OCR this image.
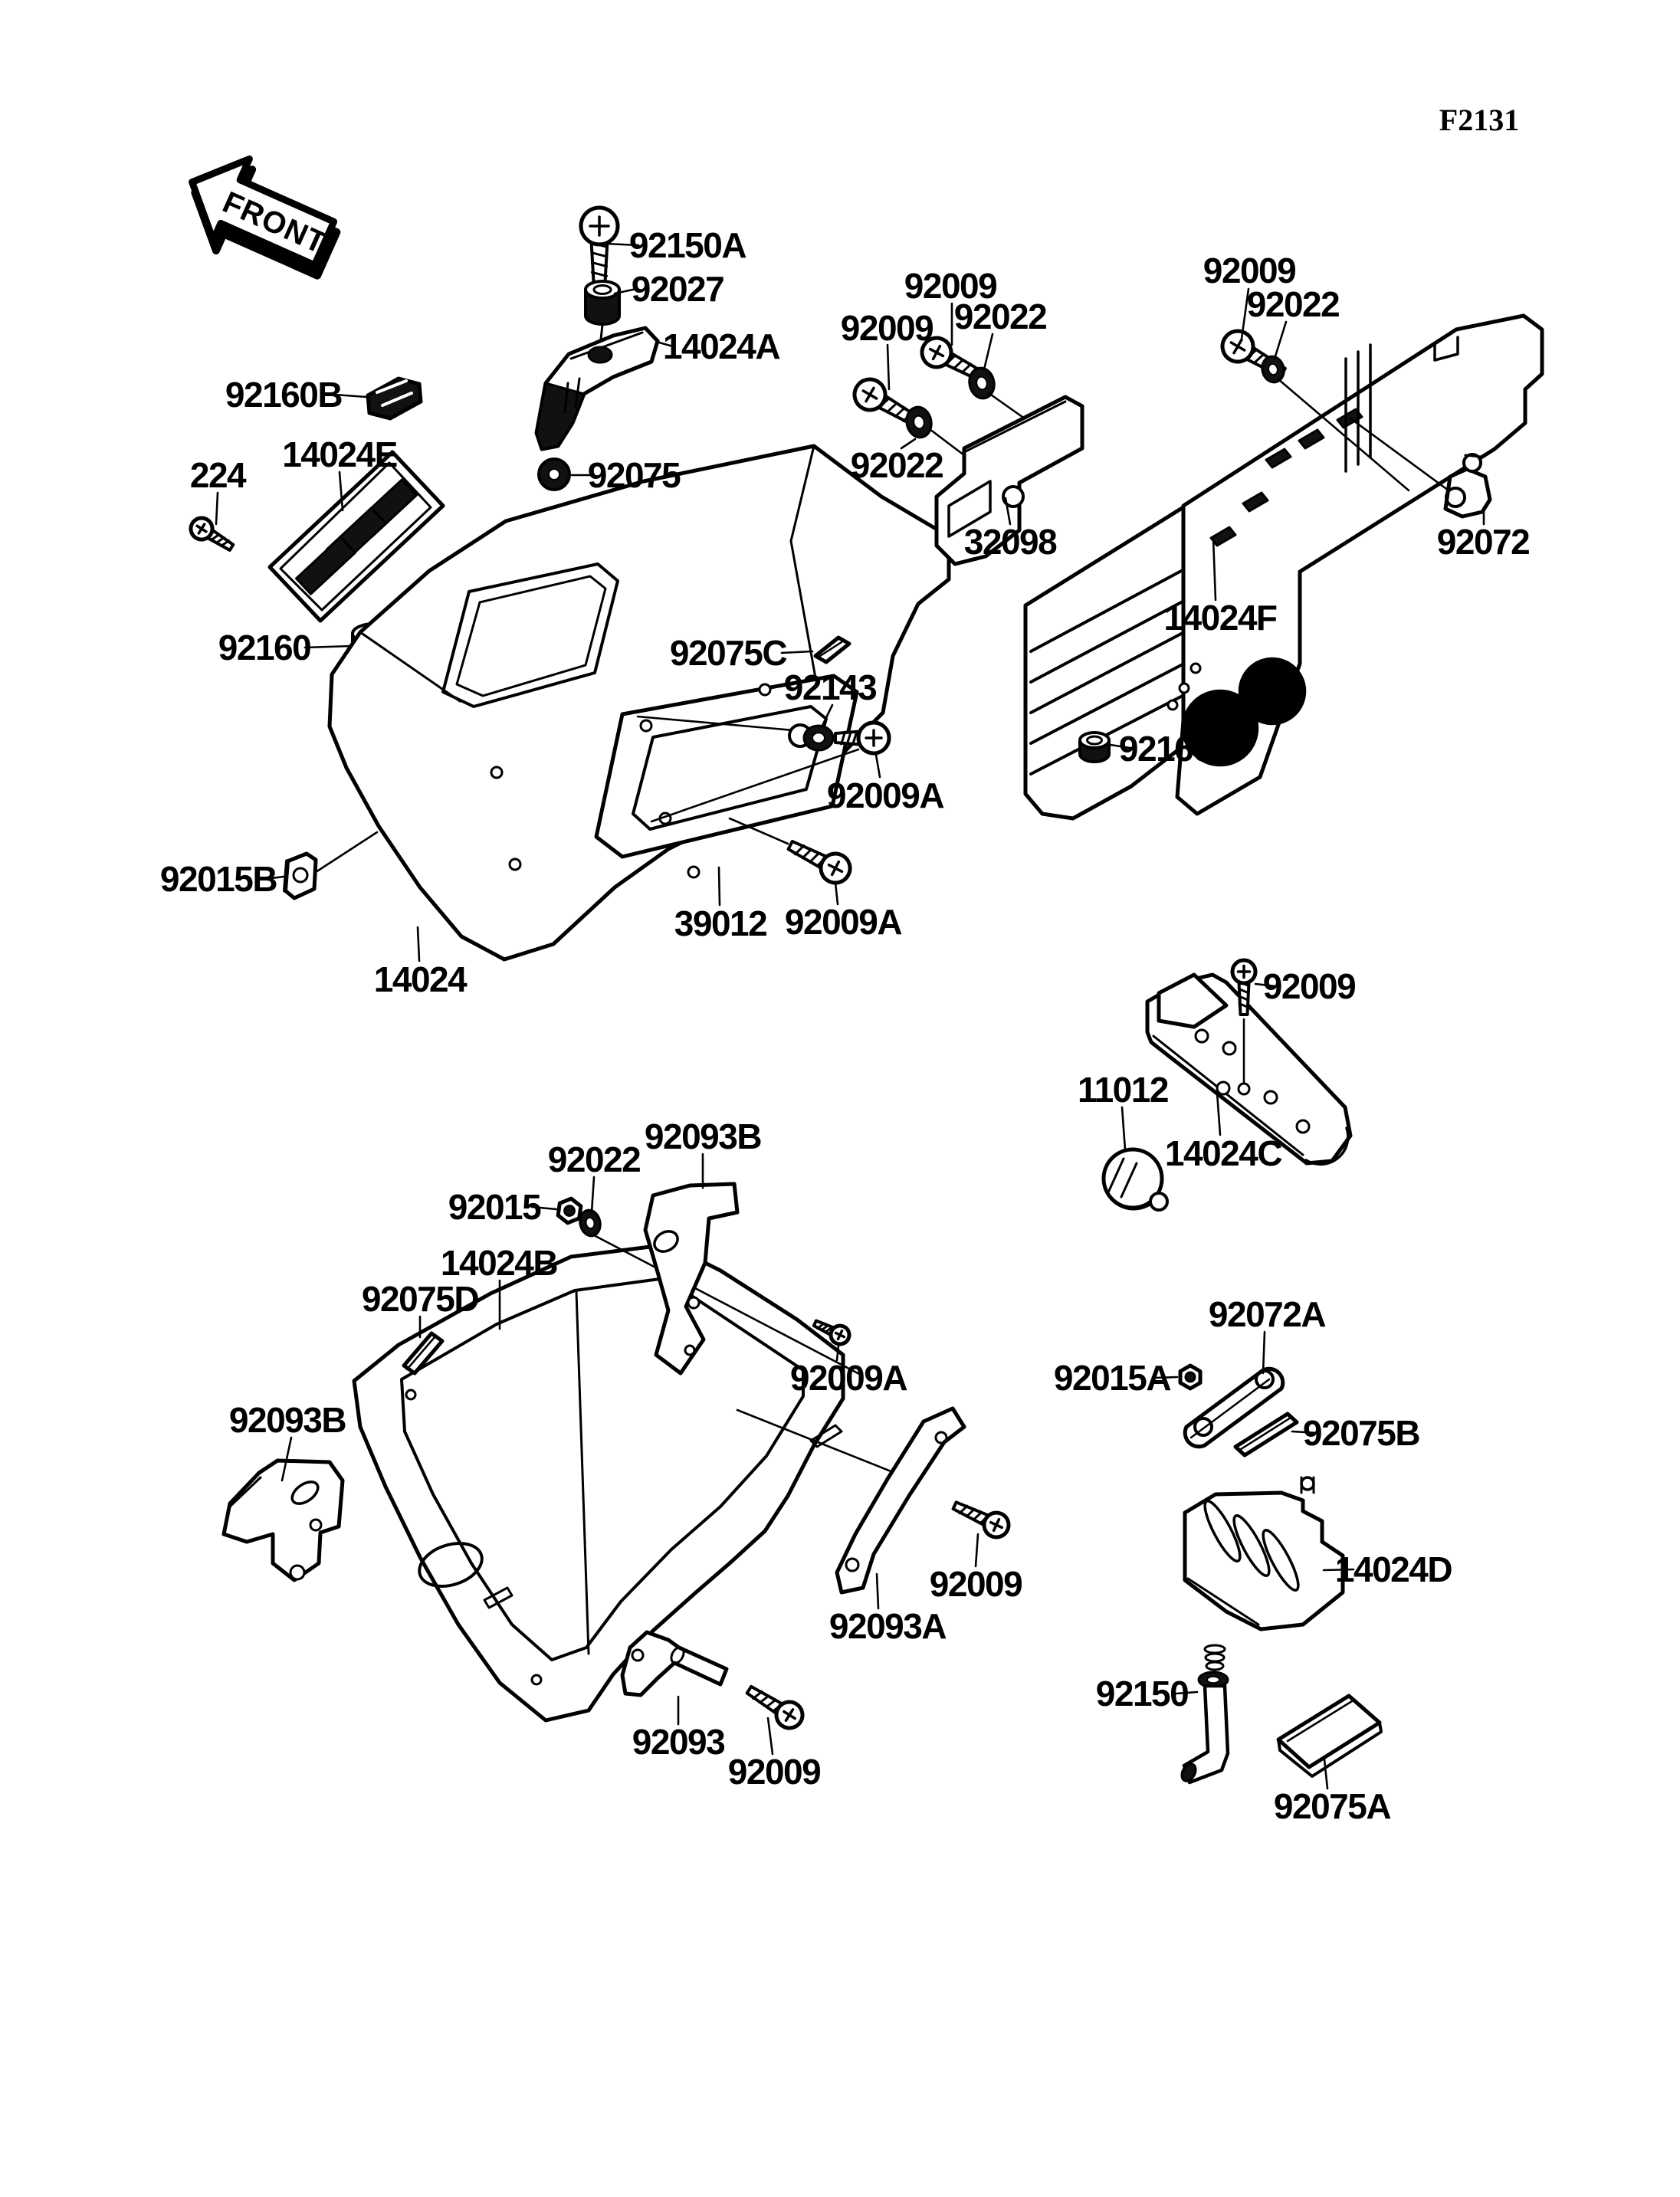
F2131
FRONT	92150A
92027
14024A
92075
92009
92009
92022
92022
32098
92009
92022
92072
14024F
92160A
92160B
14024E
224
92160	92075C
92143
92009A
92015B
14024
39012 92009A
92009
11012
14024C
92093B
92022
92015
14024B
92075D
92093B
92009A
92072A
92015A
92075B
92009
92093A
14024D
92093
92009
92150
92075A
